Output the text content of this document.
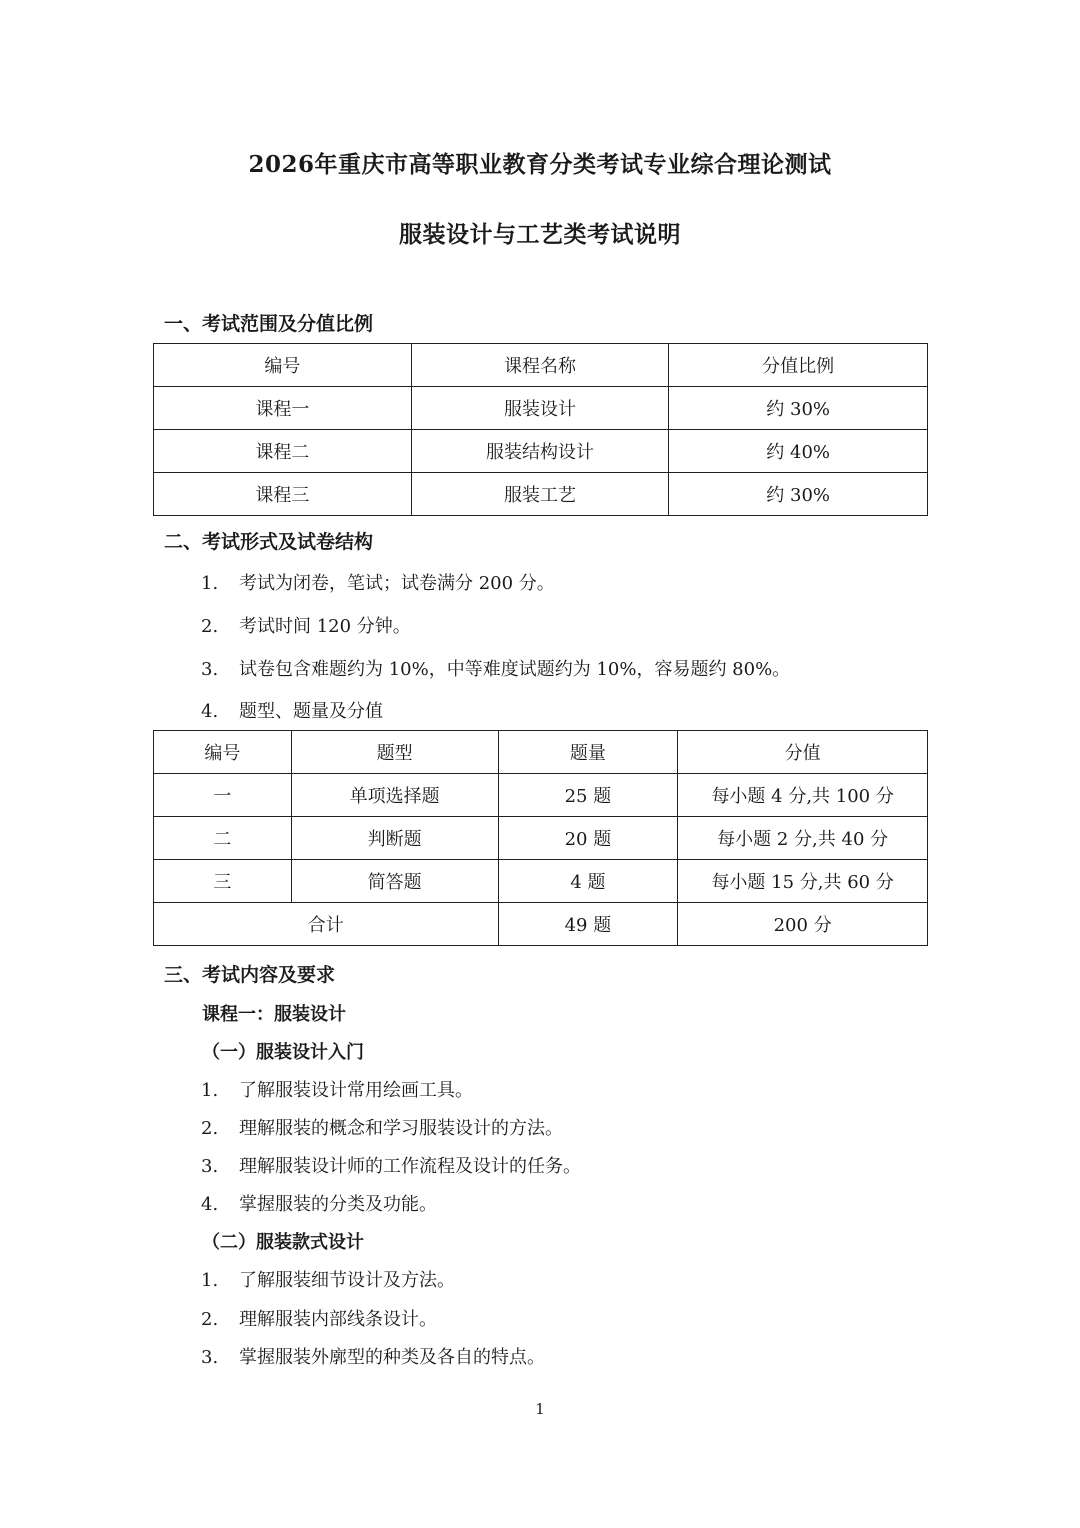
2026年重庆市高等职业教育分类考试专业综合理论测试
服装设计与工艺类考试说明
一、考试范围及分值比例
编号	课程名称	分值比例
课程一	服装设计	约 30%
课程二	服装结构设计	约 40%
课程三	服装工艺	约 30%
二、考试形式及试卷结构
1. 考试为闭卷，笔试；试卷满分 200 分。
2. 考试时间 120 分钟。
3. 试卷包含难题约为 10%，中等难度试题约为 10%，容易题约 80%。
4. 题型、题量及分值
编号	题型	题量	分值
一	单项选择题	25 题	每小题 4 分,共 100 分
二	判断题	20 题	每小题 2 分,共 40 分
三	简答题	4 题	每小题 15 分,共 60 分
合计		49 题	200 分
三、考试内容及要求
课程一：服装设计
（一）服装设计入门
1. 了解服装设计常用绘画工具。
2. 理解服装的概念和学习服装设计的方法。
3. 理解服装设计师的工作流程及设计的任务。
4. 掌握服装的分类及功能。
（二）服装款式设计
1. 了解服装细节设计及方法。
2. 理解服装内部线条设计。
3. 掌握服装外廓型的种类及各自的特点。
1
